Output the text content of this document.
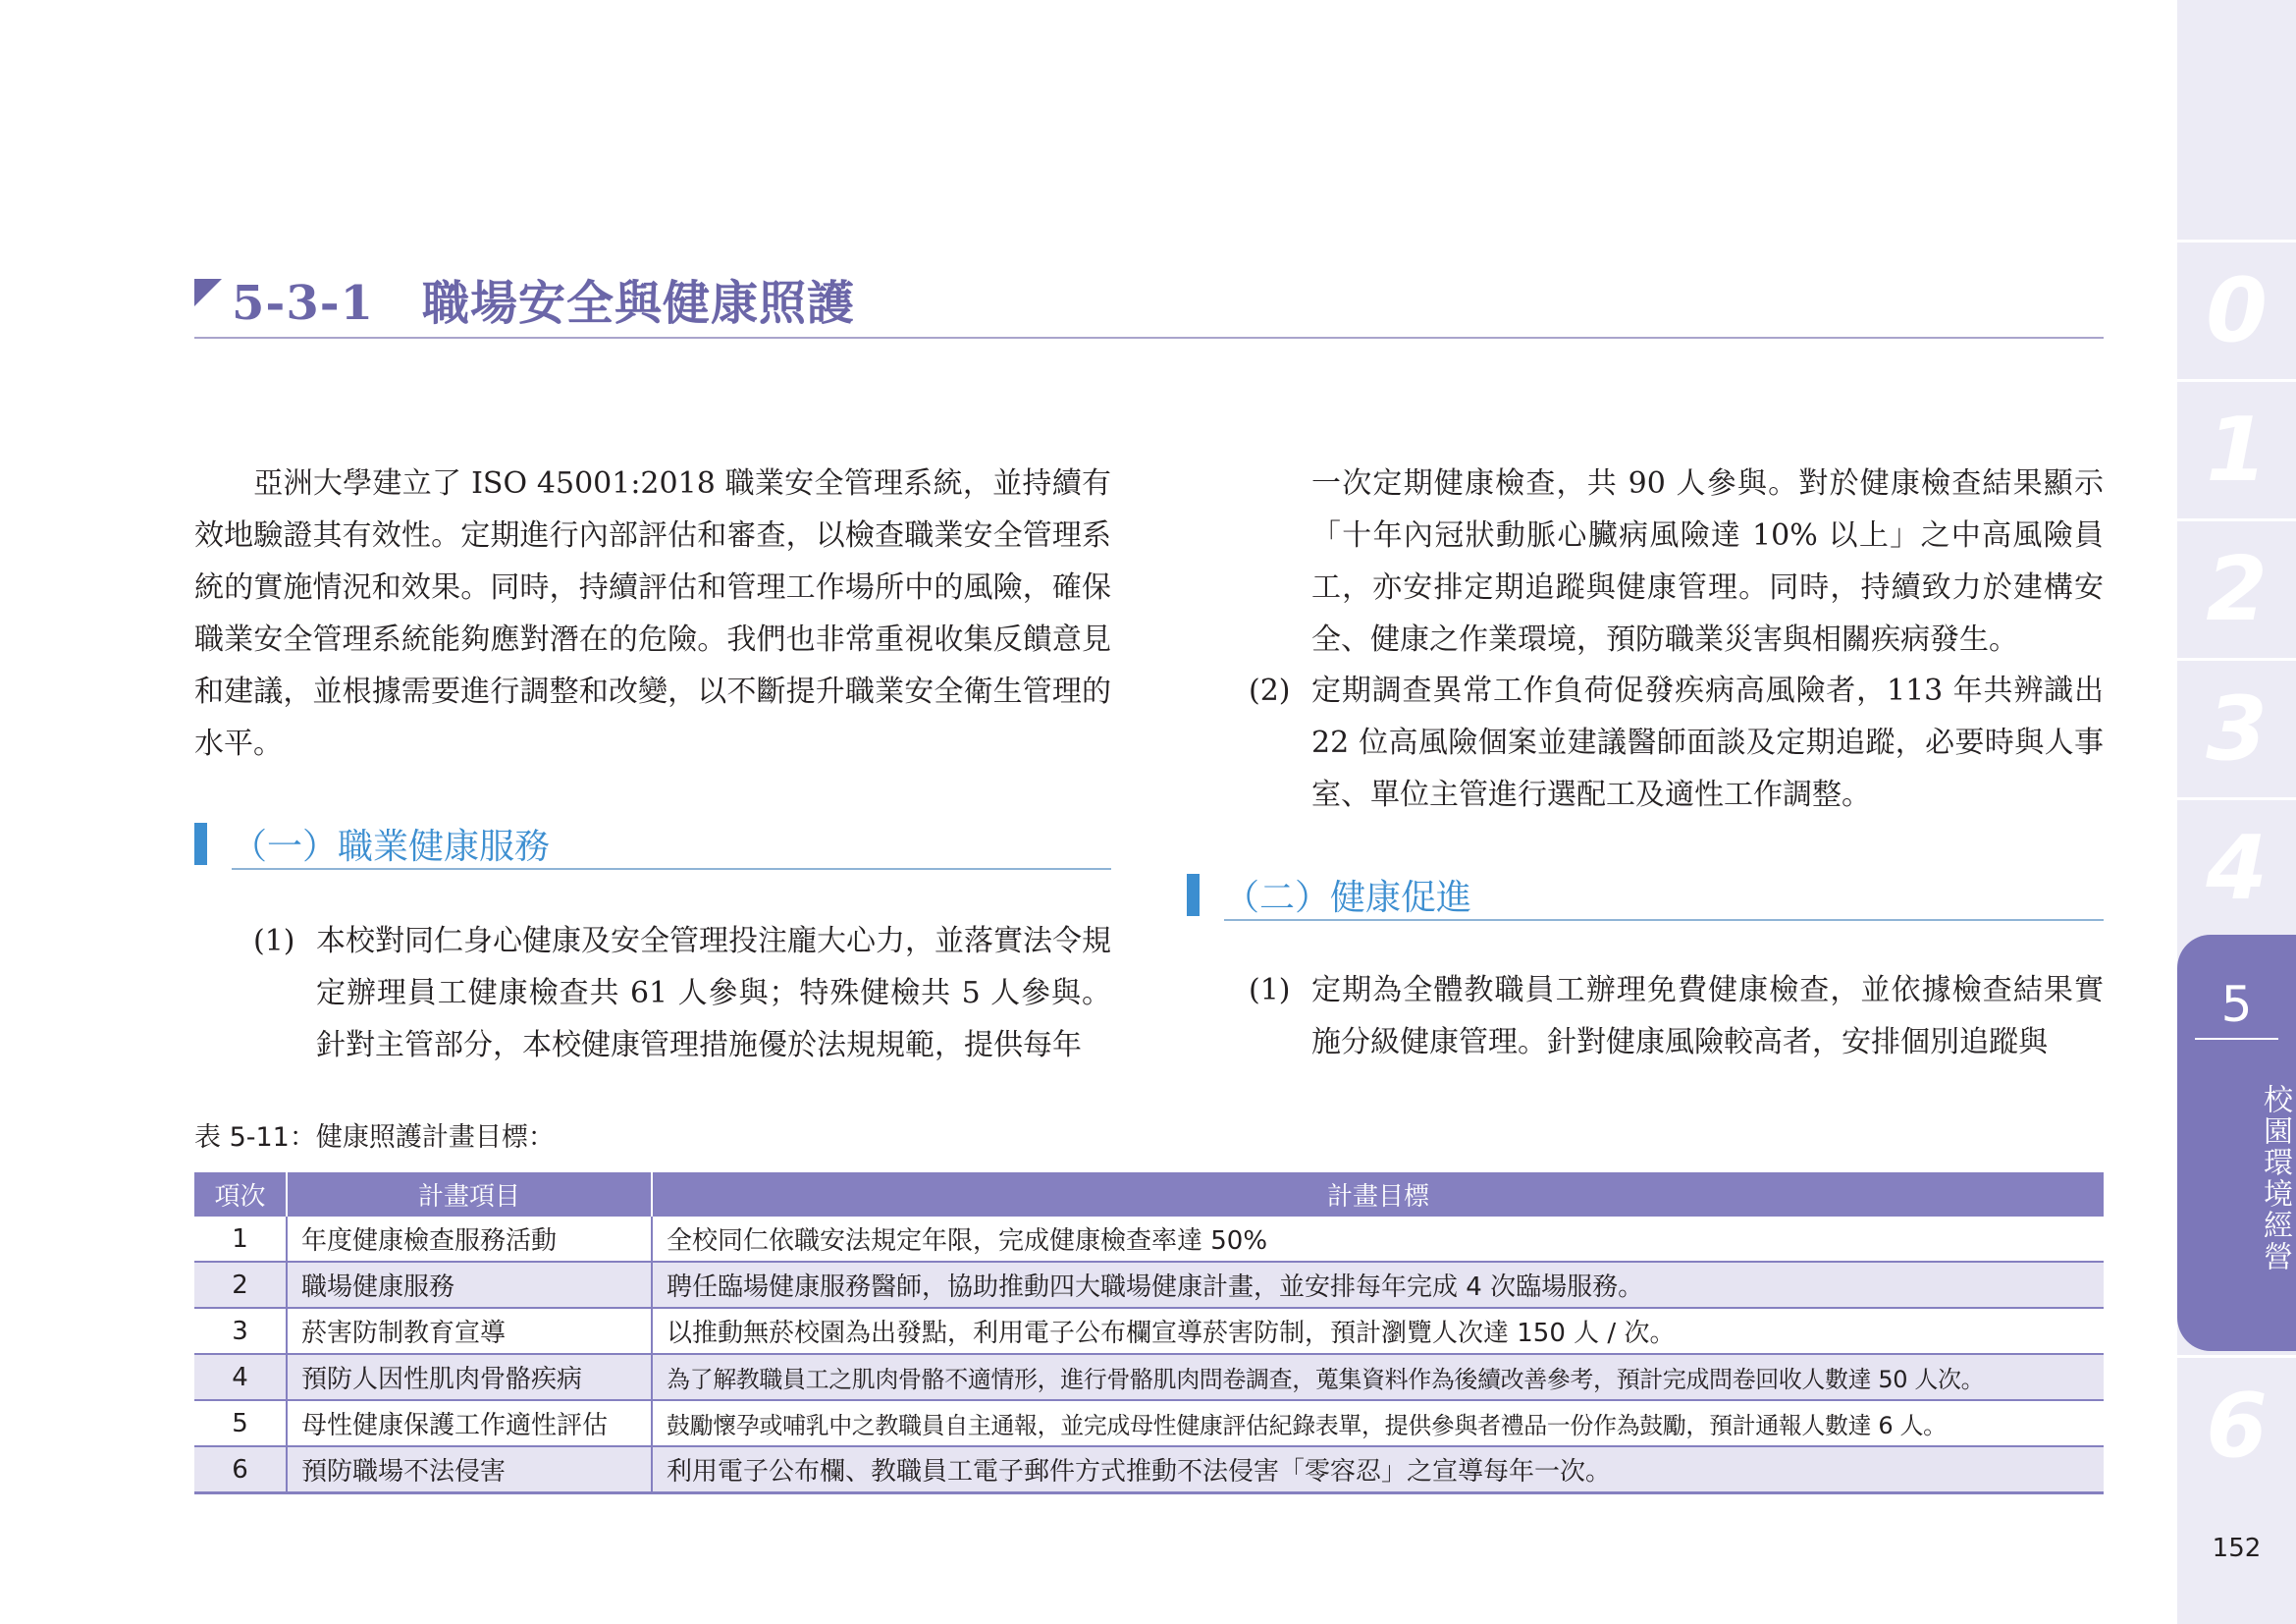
5-3-1　職場安全與健康照護

亞洲大學建立了 ISO 45001:2018 職業安全管理系統，並持續有效地驗證其有效性。定期進行內部評估和審查，以檢查職業安全管理系統的實施情況和效果。同時，持續評估和管理工作場所中的風險，確保職業安全管理系統能夠應對潛在的危險。我們也非常重視收集反饋意見和建議，並根據需要進行調整和改變，以不斷提升職業安全衛生管理的水平。

（一）職業健康服務
(1) 本校對同仁身心健康及安全管理投注龐大心力，並落實法令規定辦理員工健康檢查共 61 人參與；特殊健檢共 5 人參與。針對主管部分，本校健康管理措施優於法規規範，提供每年

一次定期健康檢查，共 90 人參與。對於健康檢查結果顯示「十年內冠狀動脈心臟病風險達 10% 以上」之中高風險員工，亦安排定期追蹤與健康管理。同時，持續致力於建構安全、健康之作業環境，預防職業災害與相關疾病發生。

(2) 定期調查異常工作負荷促發疾病高風險者，113 年共辨識出 22 位高風險個案並建議醫師面談及定期追蹤，必要時與人事室、單位主管進行選配工及適性工作調整。

（二）健康促進
(1) 定期為全體教職員工辦理免費健康檢查，並依據檢查結果實施分級健康管理。針對健康風險較高者，安排個別追蹤與

表 5-11：健康照護計畫目標：
項次	計畫項目	計畫目標
1	年度健康檢查服務活動	全校同仁依職安法規定年限，完成健康檢查率達 50%
2	職場健康服務	聘任臨場健康服務醫師，協助推動四大職場健康計畫，並安排每年完成 4 次臨場服務。
3	菸害防制教育宣導	以推動無菸校園為出發點，利用電子公布欄宣導菸害防制，預計瀏覽人次達 150 人 / 次。
4	預防人因性肌肉骨骼疾病	為了解教職員工之肌肉骨骼不適情形，進行骨骼肌肉問卷調查，蒐集資料作為後續改善參考，預計完成問卷回收人數達 50 人次。
5	母性健康保護工作適性評估	鼓勵懷孕或哺乳中之教職員自主通報，並完成母性健康評估紀錄表單，提供參與者禮品一份作為鼓勵，預計通報人數達 6 人。
6	預防職場不法侵害	利用電子公布欄、教職員工電子郵件方式推動不法侵害「零容忍」之宣導每年一次。
0
1
2
3
4
5
校園環境經營
6
152
